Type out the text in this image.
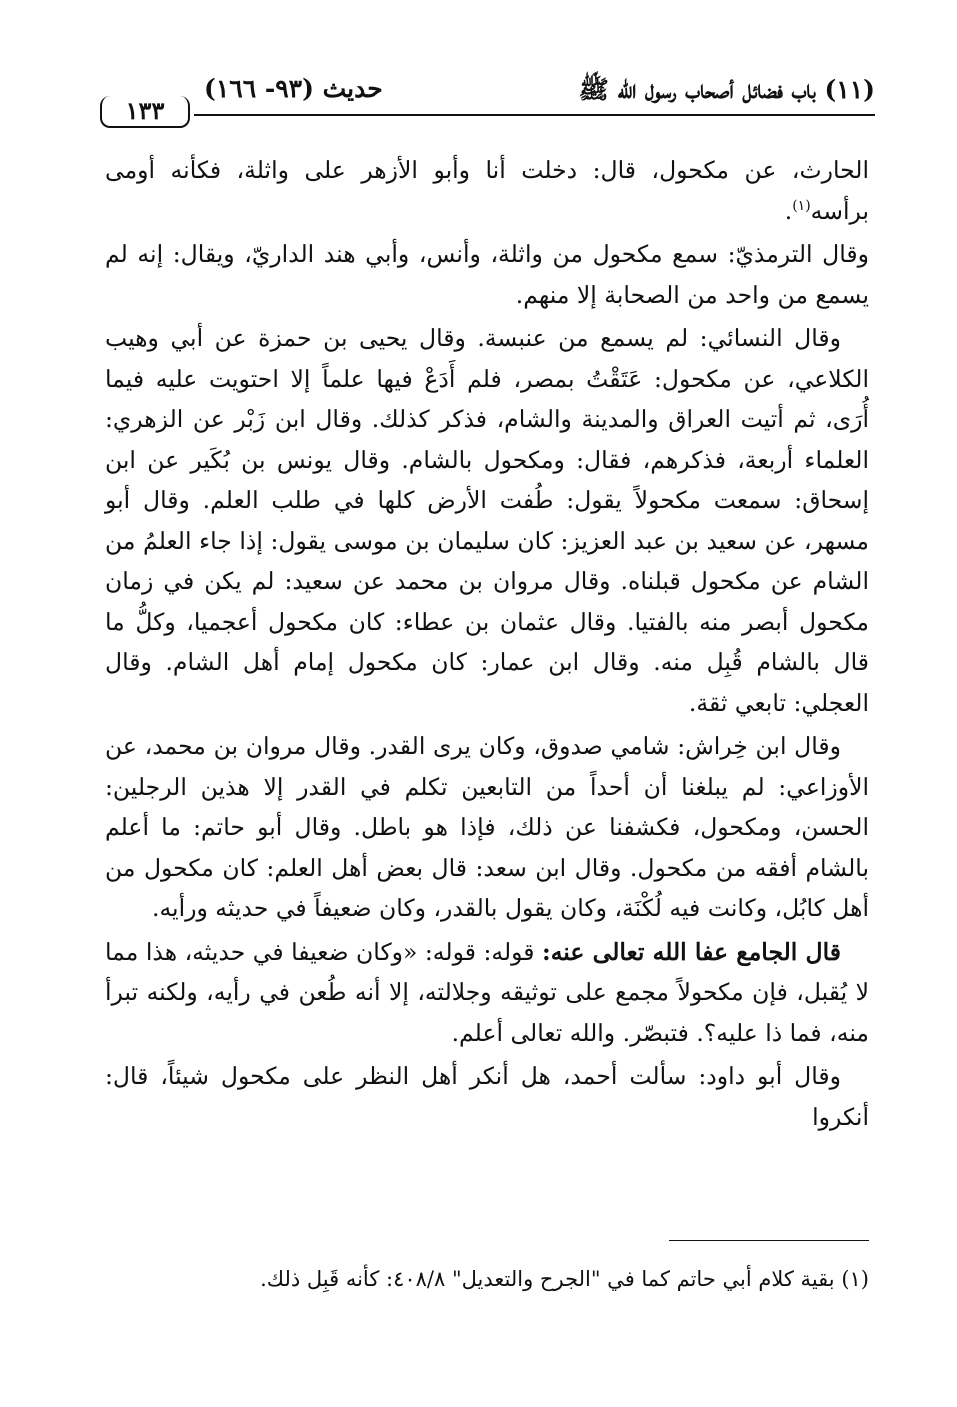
(١١) باب فضائل أصحاب رسول الله ﷺ
حديث (٩٣- ١٦٦)
١٣٣

الحارث، عن مكحول، قال: دخلت أنا وأبو الأزهر على واثلة، فكأنه أومى برأسه$^{(١)}$.

وقال الترمذيّ: سمع مكحول من واثلة، وأنس، وأبي هند الداريّ، ويقال: إنه لم يسمع من واحد من الصحابة إلا منهم.

وقال النسائي: لم يسمع من عنبسة. وقال يحيى بن حمزة عن أبي وهيب الكلاعي، عن مكحول: عَتَقْتُ بمصر، فلم أَدَعْ فيها علماً إلا احتويت عليه فيما أُرَى، ثم أتيت العراق والمدينة والشام، فذكر كذلك. وقال ابن زَبْر عن الزهري: العلماء أربعة، فذكرهم، فقال: ومكحول بالشام. وقال يونس بن بُكَير عن ابن إسحاق: سمعت مكحولاً يقول: طُفت الأرض كلها في طلب العلم. وقال أبو مسهر، عن سعيد بن عبد العزيز: كان سليمان بن موسى يقول: إذا جاء العلمُ من الشام عن مكحول قبلناه. وقال مروان بن محمد عن سعيد: لم يكن في زمان مكحول أبصر منه بالفتيا. وقال عثمان بن عطاء: كان مكحول أعجميا، وكلُّ ما قال بالشام قُبِل منه. وقال ابن عمار: كان مكحول إمام أهل الشام. وقال العجلي: تابعي ثقة.

وقال ابن خِراش: شامي صدوق، وكان يرى القدر. وقال مروان بن محمد، عن الأوزاعي: لم يبلغنا أن أحداً من التابعين تكلم في القدر إلا هذين الرجلين: الحسن، ومكحول، فكشفنا عن ذلك، فإذا هو باطل. وقال أبو حاتم: ما أعلم بالشام أفقه من مكحول. وقال ابن سعد: قال بعض أهل العلم: كان مكحول من أهل كابُل، وكانت فيه لُكْنَة، وكان يقول بالقدر، وكان ضعيفاً في حديثه ورأيه.

قال الجامع عفا الله تعالى عنه: قوله: قوله: «وكان ضعيفا في حديثه، هذا مما لا يُقبل، فإن مكحولاً مجمع على توثيقه وجلالته، إلا أنه طُعن في رأيه، ولكنه تبرأ منه، فما ذا عليه؟. فتبصّر. والله تعالى أعلم.

وقال أبو داود: سألت أحمد، هل أنكر أهل النظر على مكحول شيئاً، قال: أنكروا

(١) بقية كلام أبي حاتم كما في "الجرح والتعديل" ٤٠٨/٨: كأنه قَبِل ذلك.
